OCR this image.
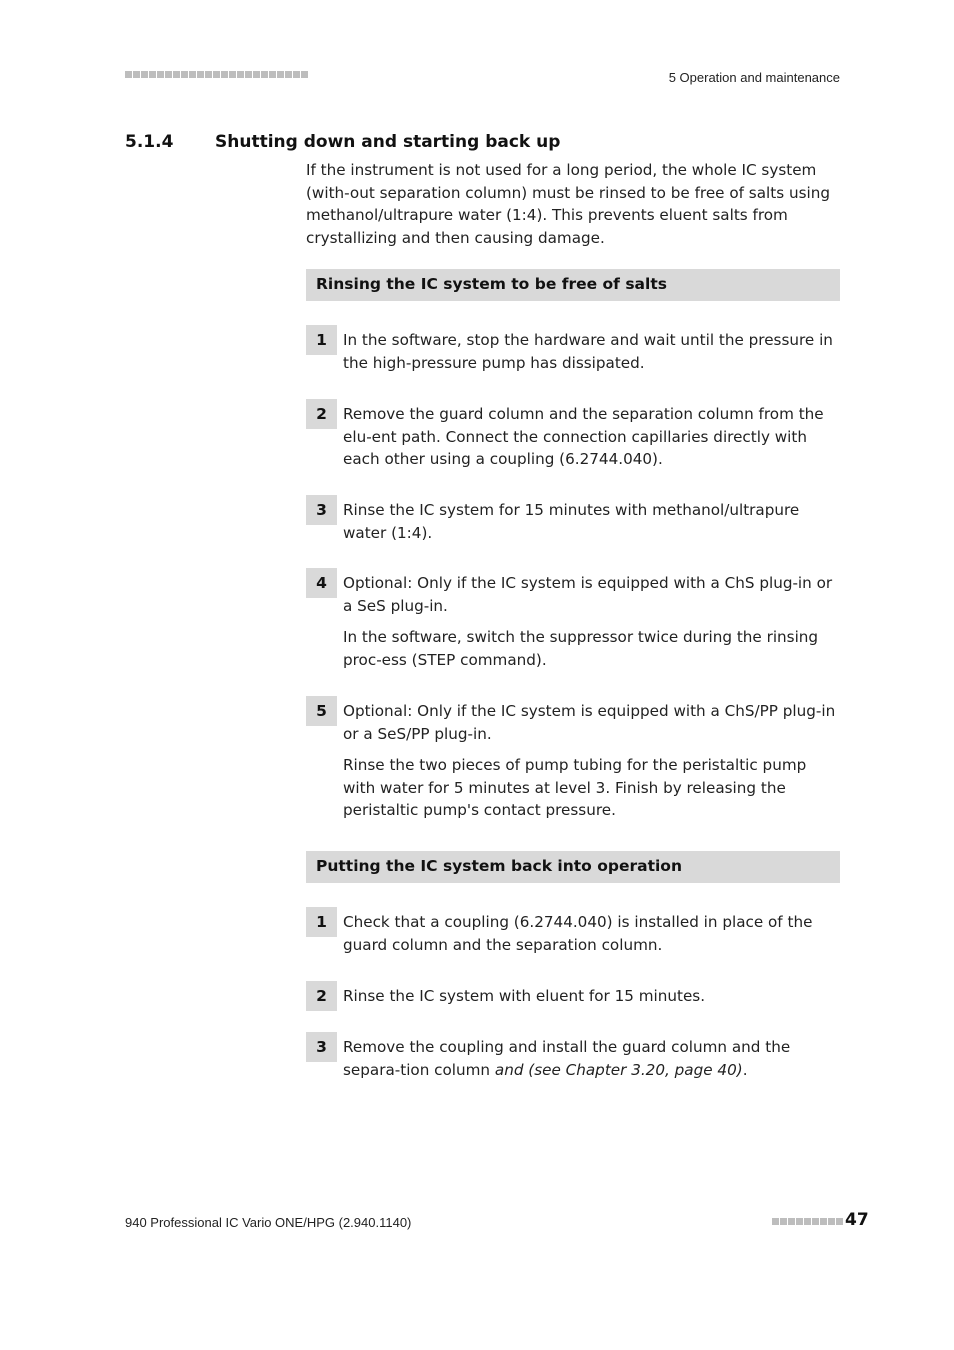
5 Operation and maintenance
5.1.4 Shutting down and starting back up

If the instrument is not used for a long period, the whole IC system (with-out separation column) must be rinsed to be free of salts using methanol/ultrapure water (1:4). This prevents eluent salts from crystallizing and then causing damage.

Rinsing the IC system to be free of salts
1	In the software, stop the hardware and wait until the pressure in the high-pressure pump has dissipated.

2	Remove the guard column and the separation column from the elu-ent path. Connect the connection capillaries directly with each other using a coupling (6.2744.040).

3	Rinse the IC system for 15 minutes with methanol/ultrapure water (1:4).

4	Optional: Only if the IC system is equipped with a ChS plug-in or a SeS plug-in.

In the software, switch the suppressor twice during the rinsing proc-ess (STEP command).

5	Optional: Only if the IC system is equipped with a ChS/PP plug-in or a SeS/PP plug-in.

Rinse the two pieces of pump tubing for the peristaltic pump with water for 5 minutes at level 3. Finish by releasing the peristaltic pump's contact pressure.

Putting the IC system back into operation
1	Check that a coupling (6.2744.040) is installed in place of the guard column and the separation column.

2	Rinse the IC system with eluent for 15 minutes.

3	Remove the coupling and install the guard column and the separa-tion column and (see Chapter 3.20, page 40).

940 Professional IC Vario ONE/HPG (2.940.1140)	47
